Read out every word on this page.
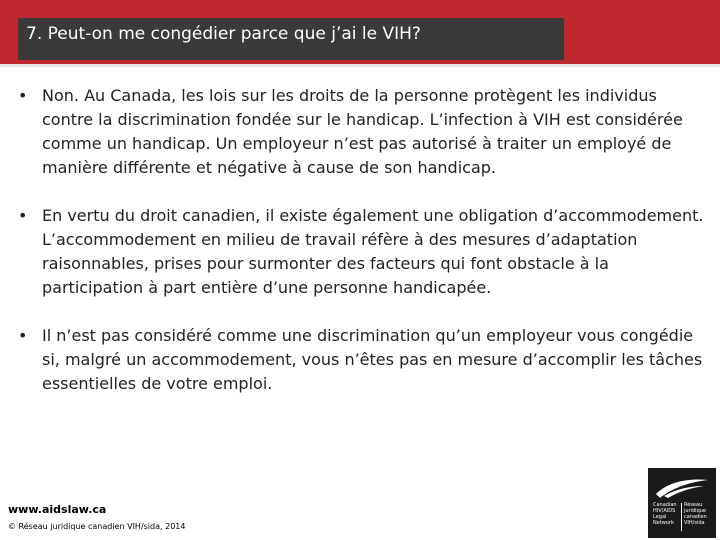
7. Peut-on me congédier parce que j’ai le VIH?
• Non. Au Canada, les lois sur les droits de la personne protègent les individus contre la discrimination fondée sur le handicap. L’infection à VIH est considérée comme un handicap. Un employeur n’est pas autorisé à traiter un employé de manière différente et négative à cause de son handicap.
• En vertu du droit canadien, il existe également une obligation d’accommodement. L’accommodement en milieu de travail réfère à des mesures d’adaptation raisonnables, prises pour surmonter des facteurs qui font obstacle à la participation à part entière d’une personne handicapée.
• Il n’est pas considéré comme une discrimination qu’un employeur vous congédie si, malgré un accommodement, vous n’êtes pas en mesure d’accomplir les tâches essentielles de votre emploi.
www.aidslaw.ca
© Réseau juridique canadien VIH/sida, 2014
Canadian
HIV/AIDS
Legal
Network
Réseau
juridique
canadien
VIH/sida
